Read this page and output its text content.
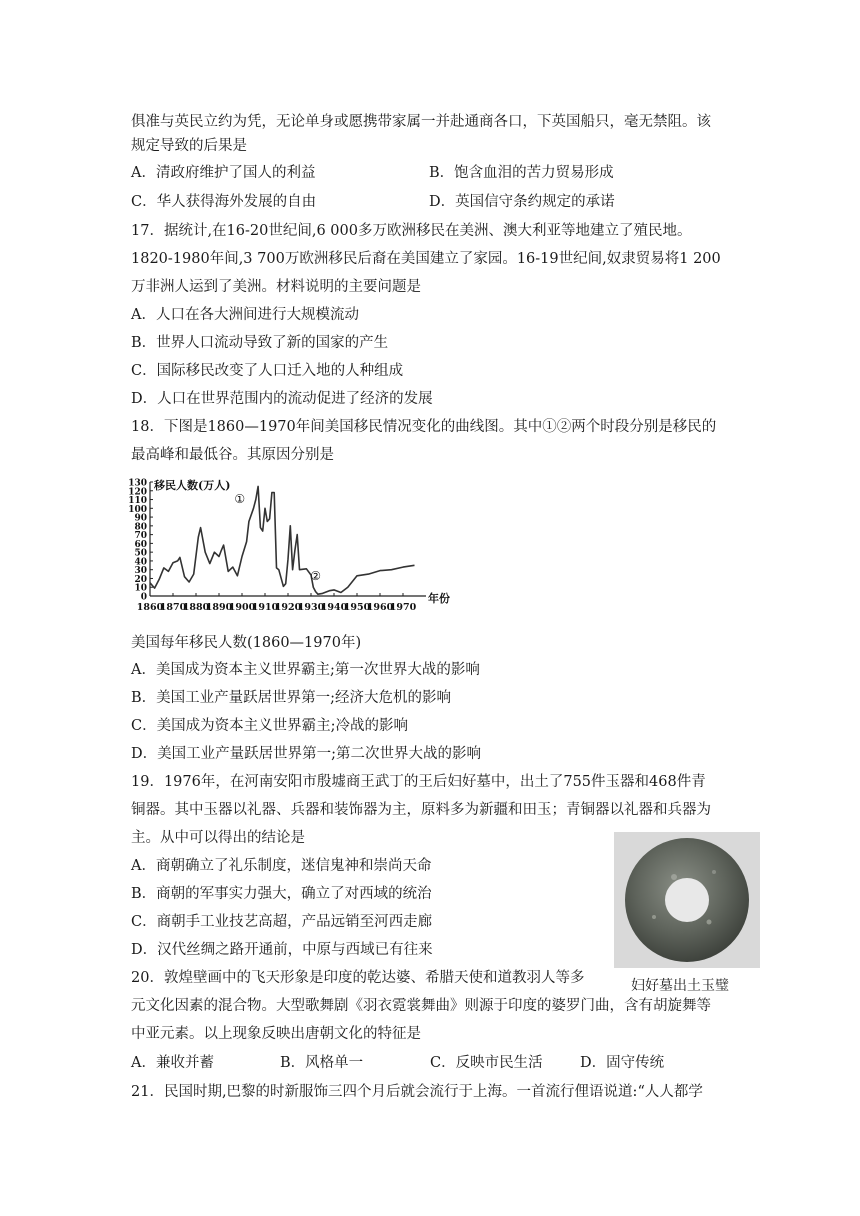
俱准与英民立约为凭，无论单身或愿携带家属一并赴通商各口，下英国船只，毫无禁阻。该
规定导致的后果是
A．清政府维护了国人的利益	B．饱含血泪的苦力贸易形成
C．华人获得海外发展的自由	D．英国信守条约规定的承诺
17．据统计,在16-20世纪间,6 000多万欧洲移民在美洲、澳大利亚等地建立了殖民地。
1820-1980年间,3 700万欧洲移民后裔在美国建立了家园。16-19世纪间,奴隶贸易将1 200
万非洲人运到了美洲。材料说明的主要问题是
A．人口在各大洲间进行大规模流动
B．世界人口流动导致了新的国家的产生
C．国际移民改变了人口迁入地的人种组成
D．人口在世界范围内的流动促进了经济的发展
18．下图是1860—1970年间美国移民情况变化的曲线图。其中①②两个时段分别是移民的
最高峰和最低谷。其原因分别是
0
10
20
30
40
50
60
70
80
90
100
110
120
130
1860
1870
1880
1890
1900
1910
1920
1930
1940
1950
1960
1970
移民人数(万人)
年份
①
②
美国每年移民人数(1860—1970年)
A．美国成为资本主义世界霸主;第一次世界大战的影响
B．美国工业产量跃居世界第一;经济大危机的影响
C．美国成为资本主义世界霸主;冷战的影响
D．美国工业产量跃居世界第一;第二次世界大战的影响
19．1976年，在河南安阳市殷墟商王武丁的王后妇好墓中，出土了755件玉器和468件青
铜器。其中玉器以礼器、兵器和装饰器为主，原料多为新疆和田玉；青铜器以礼器和兵器为
主。从中可以得出的结论是
A．商朝确立了礼乐制度，迷信鬼神和崇尚天命
B．商朝的军事实力强大，确立了对西域的统治
C．商朝手工业技艺高超，产品远销至河西走廊
D．汉代丝绸之路开通前，中原与西域已有往来
妇好墓出土玉璧
20．敦煌壁画中的飞天形象是印度的乾达婆、希腊天使和道教羽人等多
元文化因素的混合物。大型歌舞剧《羽衣霓裳舞曲》则源于印度的婆罗门曲，含有胡旋舞等
中亚元素。以上现象反映出唐朝文化的特征是
A．兼收并蓄	B．风格单一	C．反映市民生活	D．固守传统
21．民国时期,巴黎的时新服饰三四个月后就会流行于上海。一首流行俚语说道:“人人都学
